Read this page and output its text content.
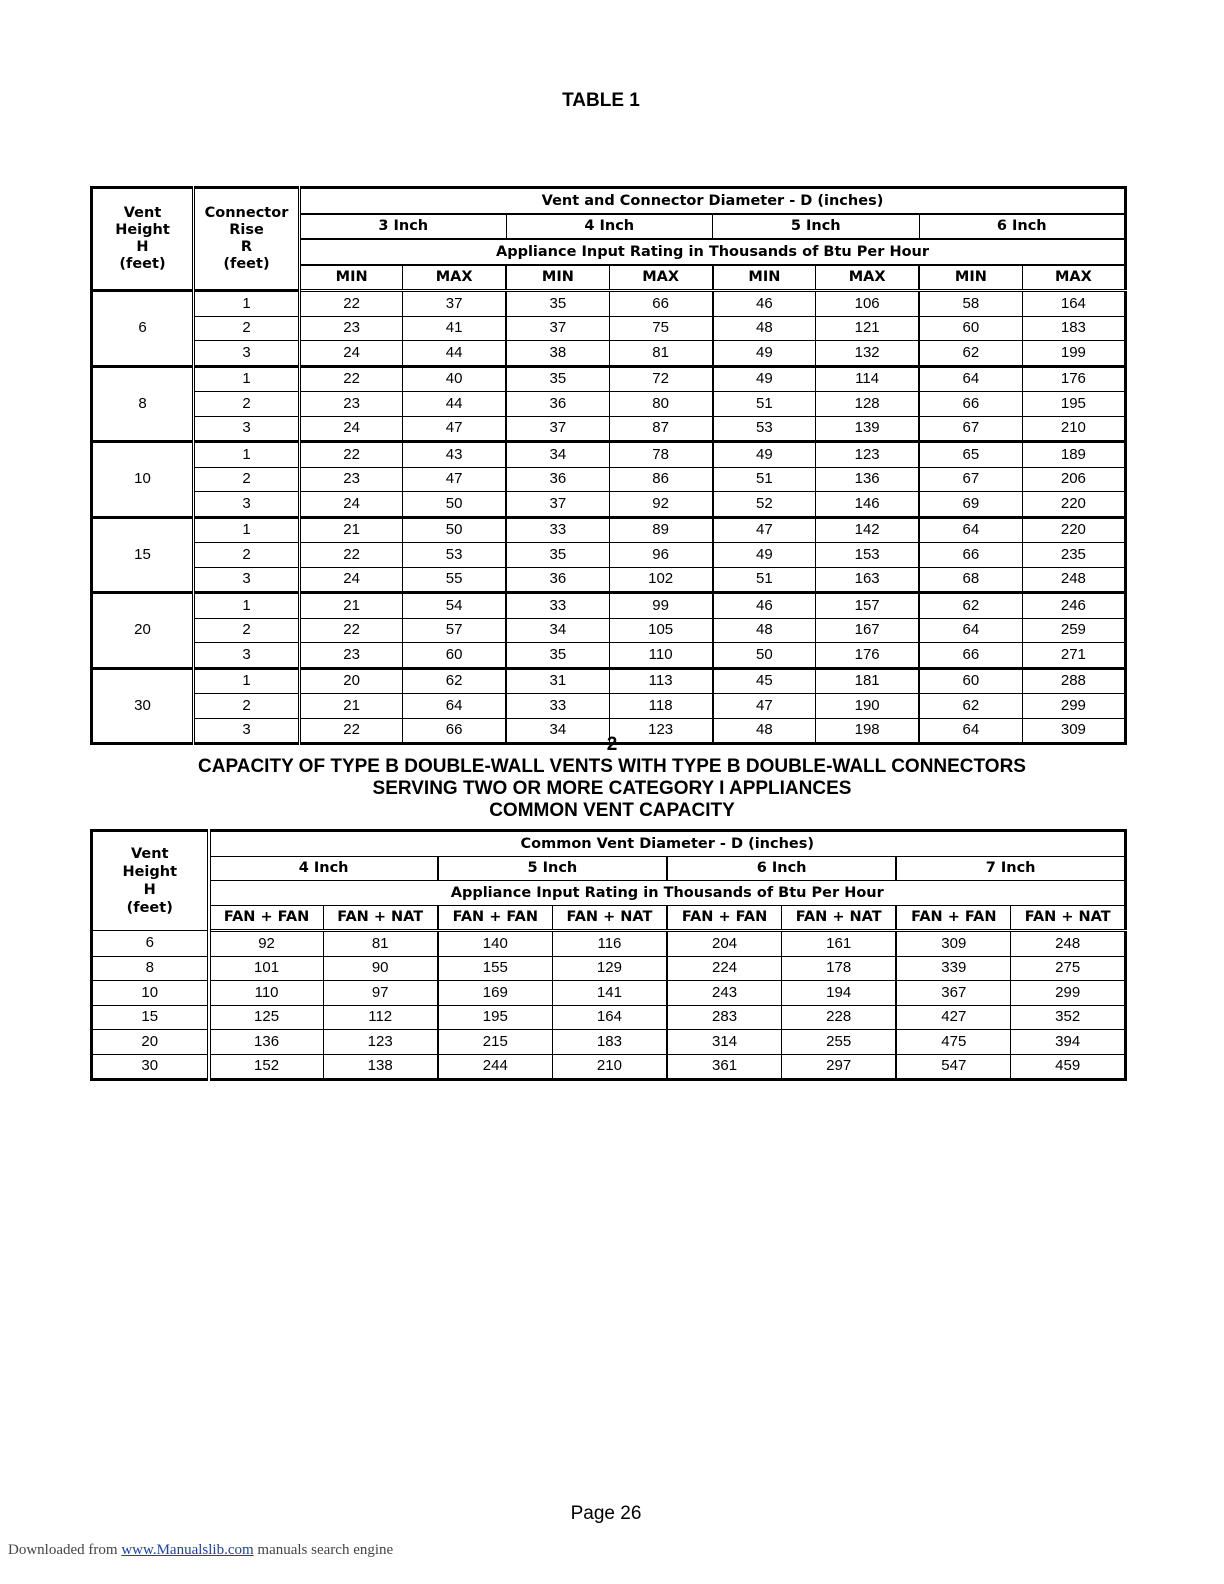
TABLE 1
Vent
Height
H
(feet)	Connector
Rise
R
(feet)	Vent and Connector Diameter - D (inches)							
		3 Inch		4 Inch		5 Inch		6 Inch	
		Appliance Input Rating in Thousands of Btu Per Hour							
		MIN	MAX	MIN	MAX	MIN	MAX	MIN	MAX
6	1	22	37	35	66	46	106	58	164
	2	23	41	37	75	48	121	60	183
	3	24	44	38	81	49	132	62	199
8	1	22	40	35	72	49	114	64	176
	2	23	44	36	80	51	128	66	195
	3	24	47	37	87	53	139	67	210
10	1	22	43	34	78	49	123	65	189
	2	23	47	36	86	51	136	67	206
	3	24	50	37	92	52	146	69	220
15	1	21	50	33	89	47	142	64	220
	2	22	53	35	96	49	153	66	235
	3	24	55	36	102	51	163	68	248
20	1	21	54	33	99	46	157	62	246
	2	22	57	34	105	48	167	64	259
	3	23	60	35	110	50	176	66	271
30	1	20	62	31	113	45	181	60	288
	2	21	64	33	118	47	190	62	299
	3	22	66	34	123	48	198	64	309
2
CAPACITY OF TYPE B DOUBLE-WALL VENTS WITH TYPE B DOUBLE-WALL CONNECTORS
SERVING TWO OR MORE CATEGORY I APPLIANCES
COMMON VENT CAPACITY
Vent
Height
H
(feet)	Common Vent Diameter - D (inches)							
	4 Inch		5 Inch		6 Inch		7 Inch	
	Appliance Input Rating in Thousands of Btu Per Hour							
	FAN + FAN	FAN + NAT	FAN + FAN	FAN + NAT	FAN + FAN	FAN + NAT	FAN + FAN	FAN + NAT
6	92	81	140	116	204	161	309	248
8	101	90	155	129	224	178	339	275
10	110	97	169	141	243	194	367	299
15	125	112	195	164	283	228	427	352
20	136	123	215	183	314	255	475	394
30	152	138	244	210	361	297	547	459
Page 26
Downloaded from www.Manualslib.com manuals search engine
